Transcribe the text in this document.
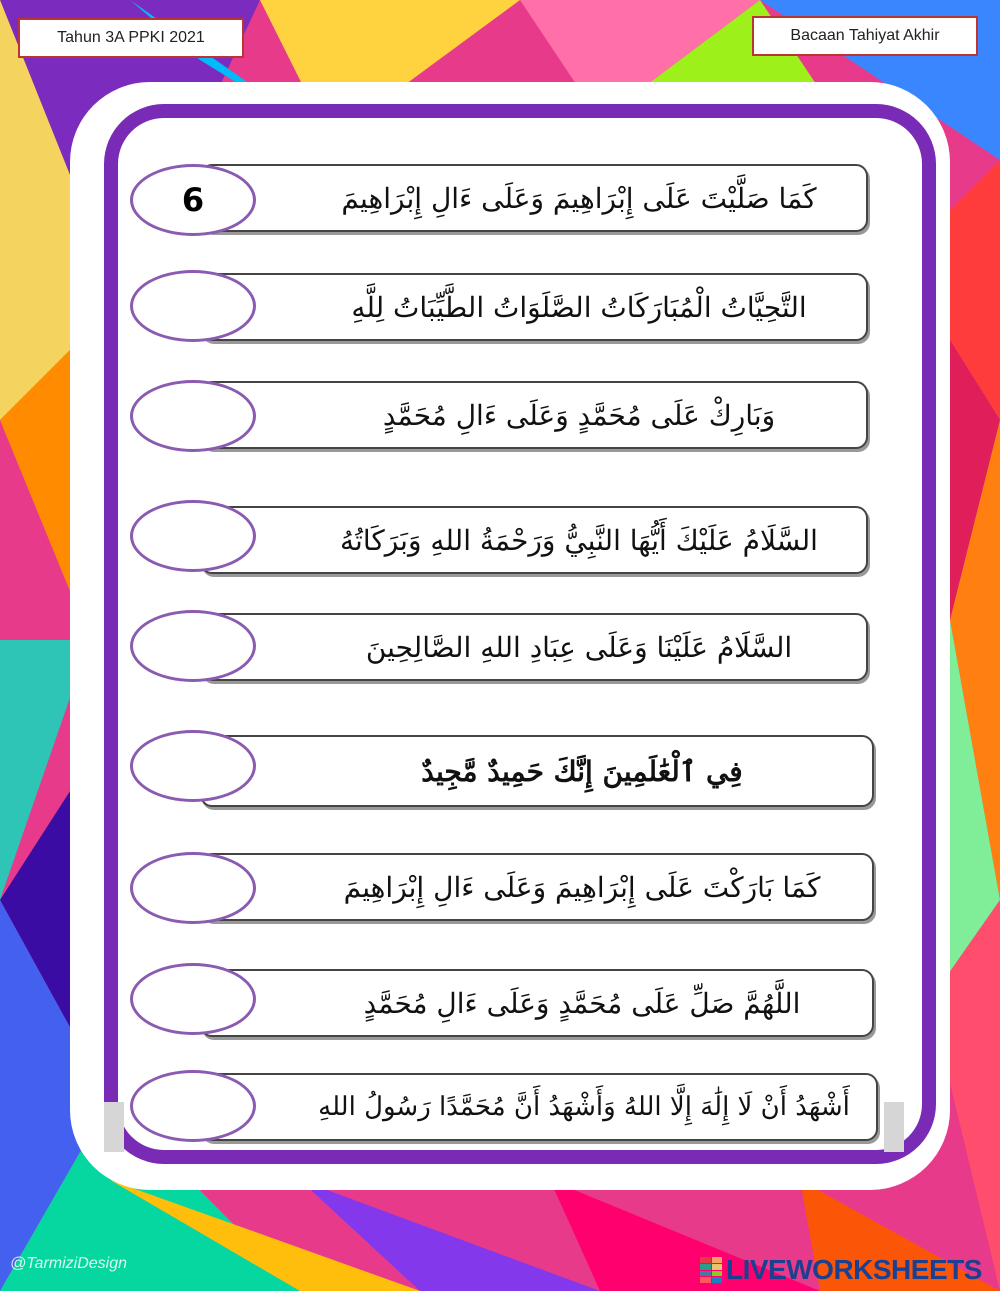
Tahun 3A PPKI 2021	Bacaan Tahiyat Akhir
كَمَا صَلَّيْتَ عَلَى إِبْرَاهِيمَ وَعَلَى ءَالِ إِبْرَاهِيمَ
6
التَّحِيَّاتُ الْمُبَارَكَاتُ الصَّلَوَاتُ الطَّيِّبَاتُ لِلَّهِ
وَبَارِكْ عَلَى مُحَمَّدٍ وَعَلَى ءَالِ مُحَمَّدٍ
السَّلَامُ عَلَيْكَ أَيُّهَا النَّبِيُّ وَرَحْمَةُ اللهِ وَبَرَكَاتُهُ
السَّلَامُ عَلَيْنَا وَعَلَى عِبَادِ اللهِ الصَّالِحِينَ
فِي ٱلْعَٰلَمِينَ إِنَّكَ حَمِيدٌ مَّجِيدٌ
كَمَا بَارَكْتَ عَلَى إِبْرَاهِيمَ وَعَلَى ءَالِ إِبْرَاهِيمَ
اللَّهُمَّ صَلِّ عَلَى مُحَمَّدٍ وَعَلَى ءَالِ مُحَمَّدٍ
أَشْهَدُ أَنْ لَا إِلَٰهَ إِلَّا اللهُ وَأَشْهَدُ أَنَّ مُحَمَّدًا رَسُولُ اللهِ
@TarmiziDesign	LIVEWORKSHEETS
